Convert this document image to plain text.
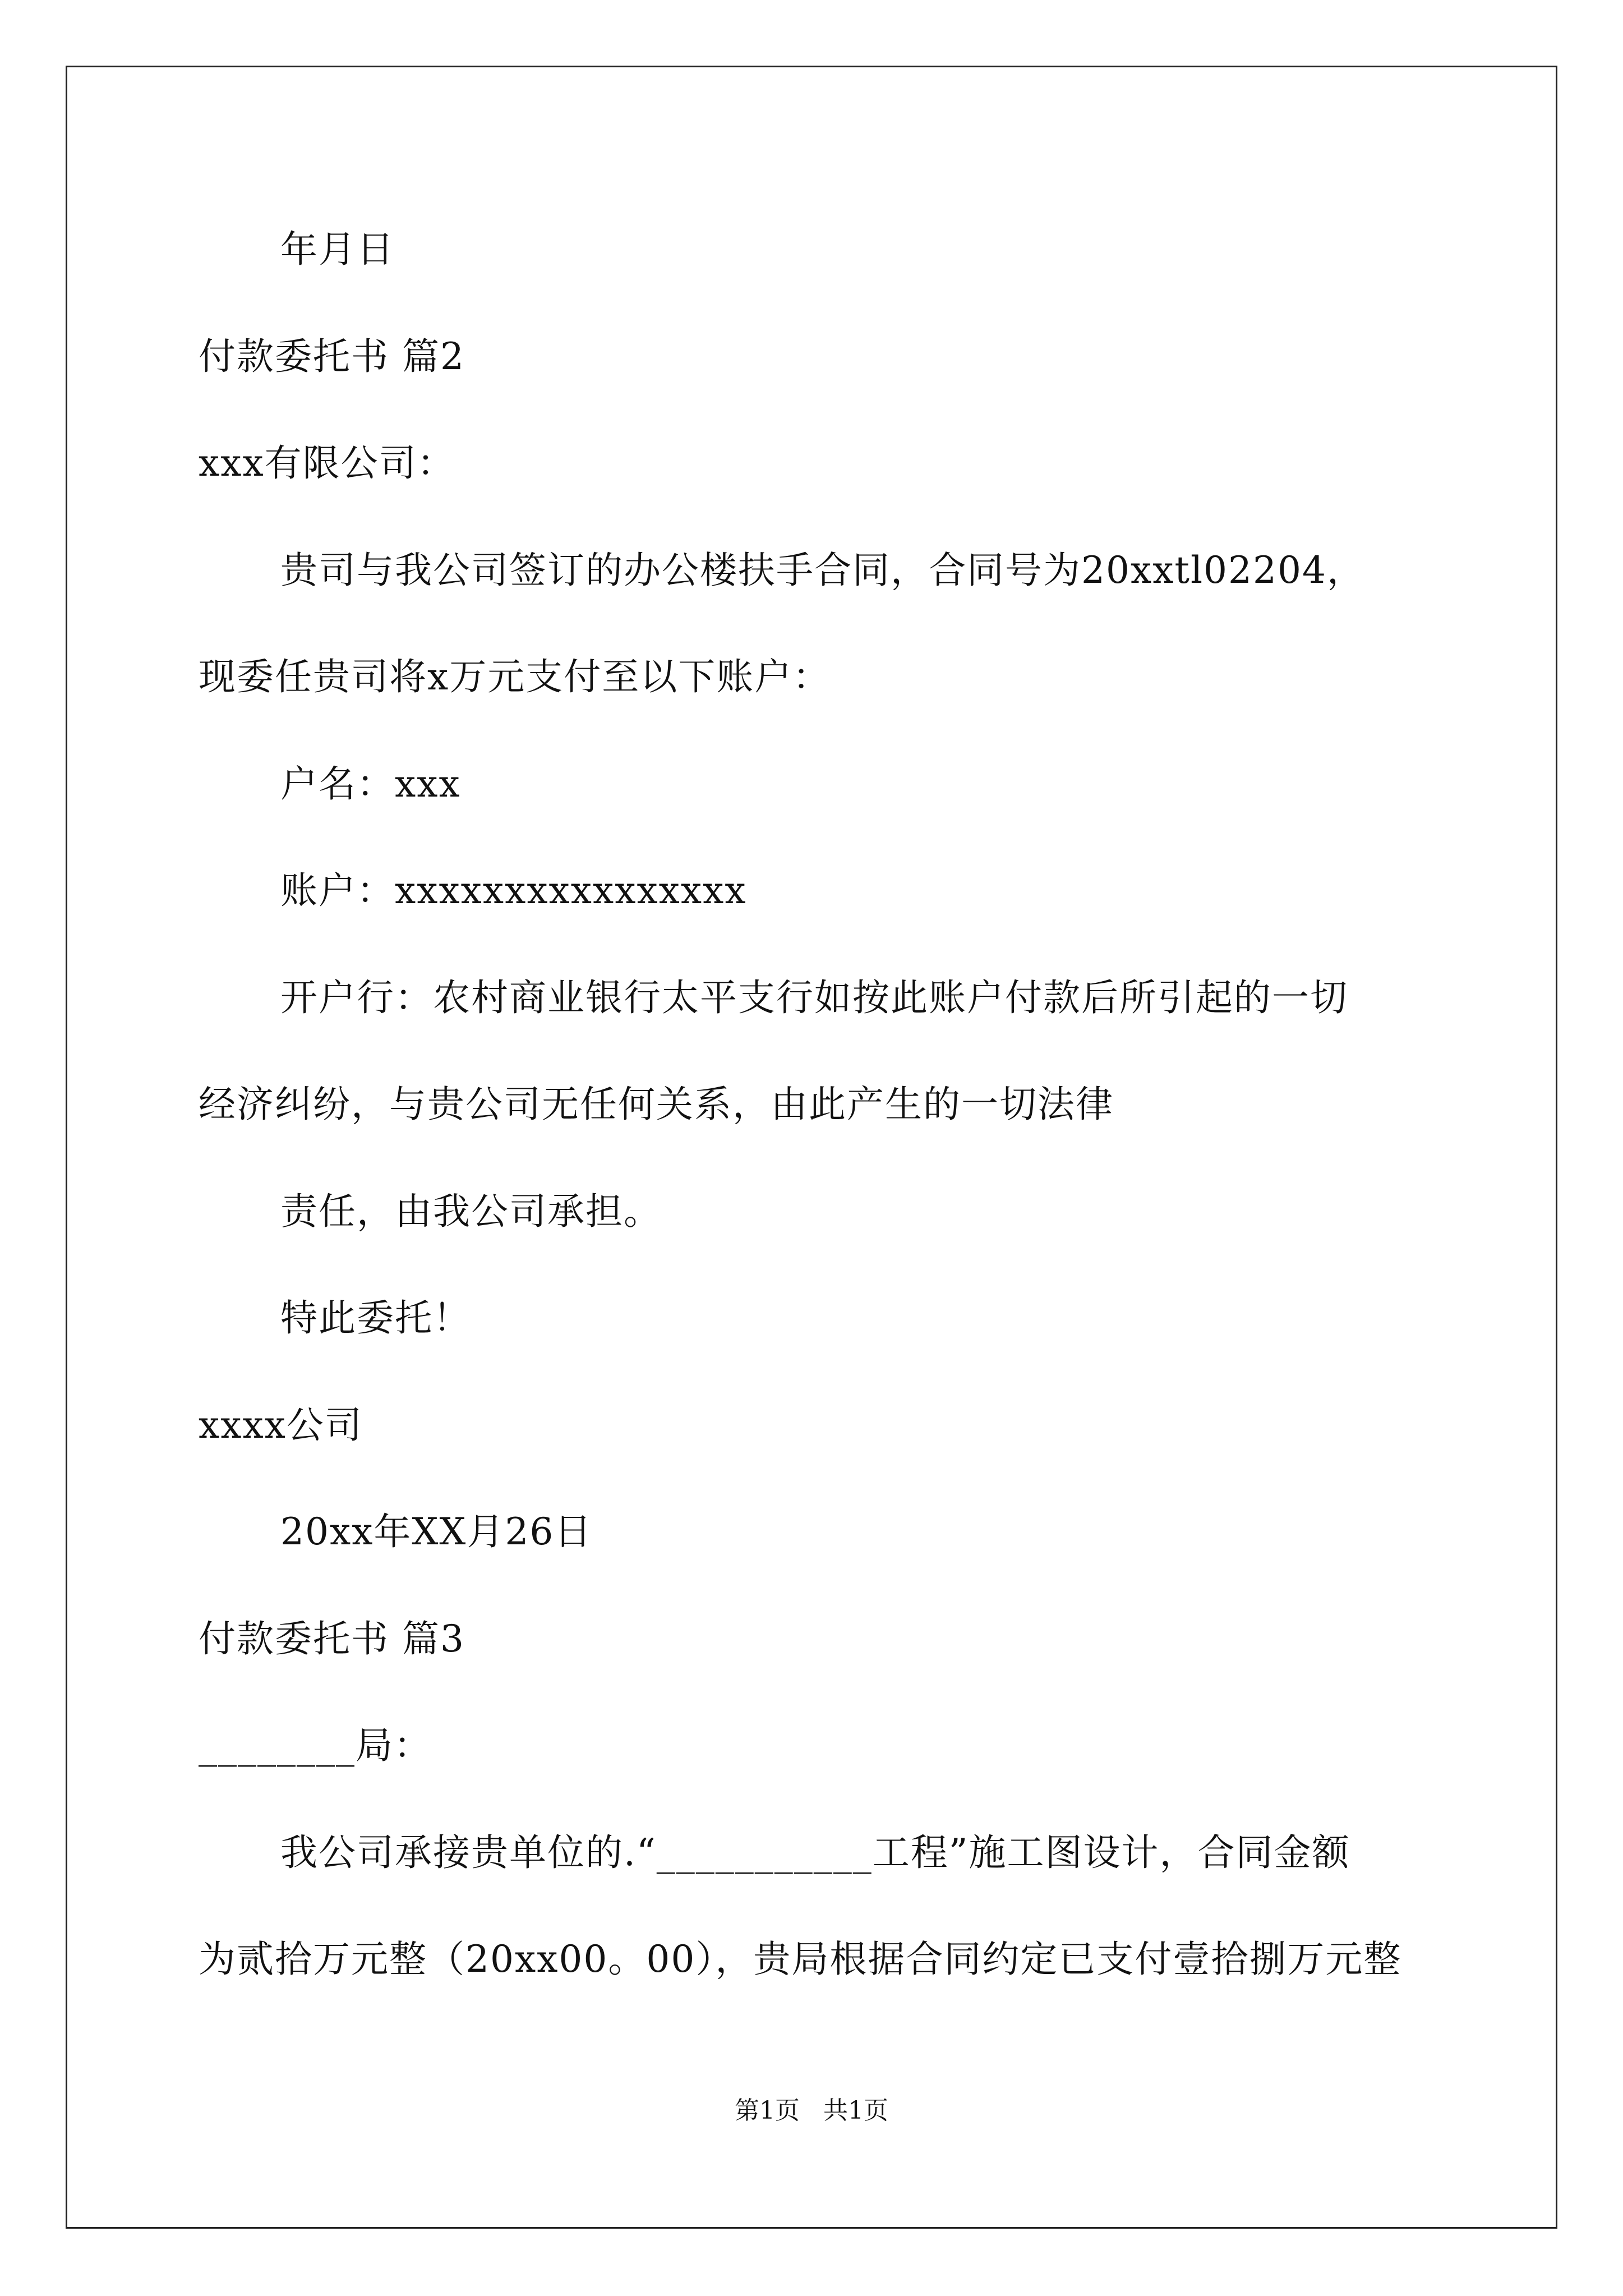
年月日
付款委托书 篇2
xxx有限公司：
贵司与我公司签订的办公楼扶手合同，合同号为20xxtl02204，
现委任贵司将x万元支付至以下账户：
户名：xxx
账户：xxxxxxxxxxxxxxxx
开户行：农村商业银行太平支行如按此账户付款后所引起的一切
经济纠纷，与贵公司无任何关系，由此产生的一切法律
责任，由我公司承担。
特此委托！
xxxx公司
20xx年XX月26日
付款委托书 篇3
________局：
我公司承接贵单位的.“___________工程”施工图设计，合同金额
为贰拾万元整（20xx00。00），贵局根据合同约定已支付壹拾捌万元整
第1页   共1页
